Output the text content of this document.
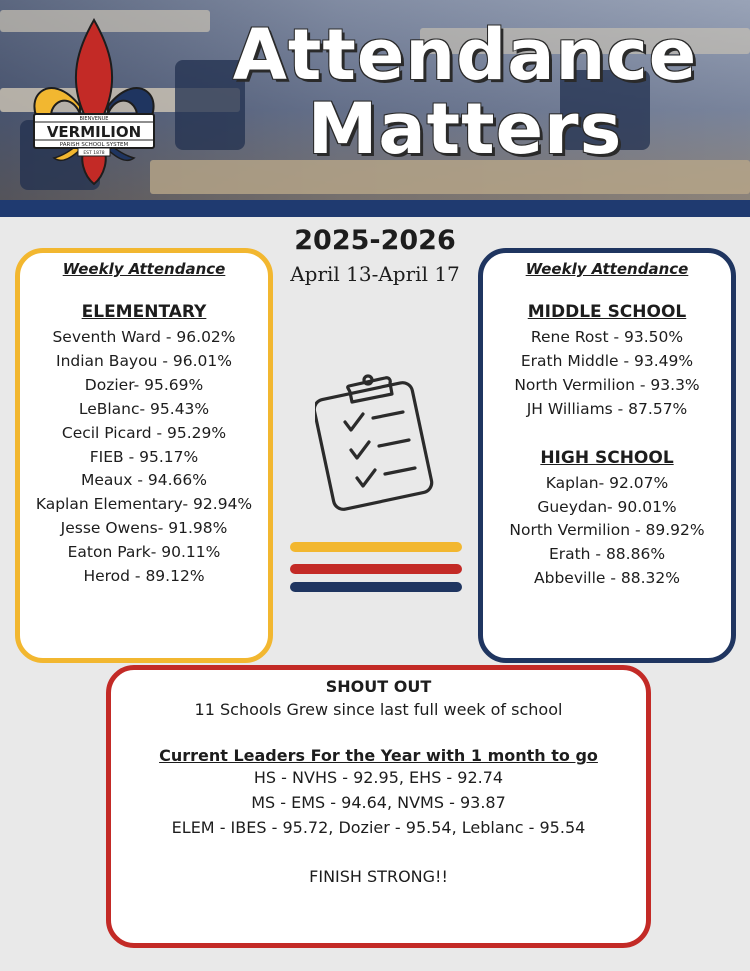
Attendance
Matters
BIENVENUE
VERMILION
PARISH SCHOOL SYSTEM
EST 1878
2025-2026
April 13-April 17
Weekly Attendance
ELEMENTARY
Seventh Ward - 96.02%
Indian Bayou - 96.01%
Dozier- 95.69%
LeBlanc- 95.43%
Cecil Picard - 95.29%
FIEB - 95.17%
Meaux - 94.66%
Kaplan Elementary- 92.94%
Jesse Owens- 91.98%
Eaton Park- 90.11%
Herod - 89.12%
Weekly Attendance
MIDDLE SCHOOL
Rene Rost - 93.50%
Erath Middle - 93.49%
North Vermilion - 93.3%
JH Williams - 87.57%
HIGH SCHOOL
Kaplan- 92.07%
Gueydan- 90.01%
North Vermilion - 89.92%
Erath - 88.86%
Abbeville - 88.32%
SHOUT OUT
11 Schools Grew since last full week of school
Current Leaders For the Year with 1 month to go
HS - NVHS - 92.95, EHS - 92.74
MS - EMS - 94.64, NVMS - 93.87
ELEM - IBES - 95.72, Dozier - 95.54, Leblanc - 95.54
FINISH STRONG!!
